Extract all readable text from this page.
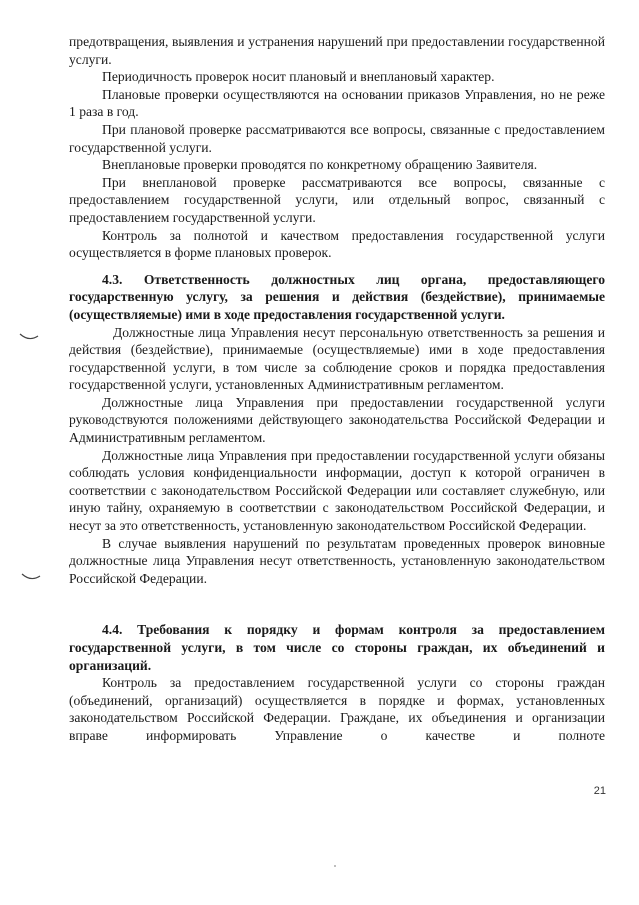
предотвращения, выявления и устранения нарушений при предоставлении государственной услуги.

Периодичность проверок носит плановый и внеплановый характер.

Плановые проверки осуществляются на основании приказов Управления, но не реже 1 раза в год.

При плановой проверке рассматриваются все вопросы, связанные с предоставлением государственной услуги.

Внеплановые проверки проводятся по конкретному обращению Заявителя.

При внеплановой проверке рассматриваются все вопросы, связанные с предоставлением государственной услуги, или отдельный вопрос, связанный с предоставлением государственной услуги.

Контроль за полнотой и качеством предоставления государственной услуги осуществляется в форме плановых проверок.

4.3. Ответственность должностных лиц органа, предоставляющего государственную услугу, за решения и действия (бездействие), принимаемые (осуществляемые) ими в ходе предоставления государственной услуги.

Должностные лица Управления несут персональную ответственность за решения и действия (бездействие), принимаемые (осуществляемые) ими в ходе предоставления государственной услуги, в том числе за соблюдение сроков и порядка предоставления государственной услуги, установленных Административным регламентом.

Должностные лица Управления при предоставлении государственной услуги руководствуются положениями действующего законодательства Российской Федерации и Административным регламентом.

Должностные лица Управления при предоставлении государственной услуги обязаны соблюдать условия конфиденциальности информации, доступ к которой ограничен в соответствии с законодательством Российской Федерации или составляет служебную, или иную тайну, охраняемую в соответствии с законодательством Российской Федерации, и несут за это ответственность, установленную законодательством Российской Федерации.

В случае выявления нарушений по результатам проведенных проверок виновные должностные лица Управления несут ответственность, установленную законодательством Российской Федерации.

4.4. Требования к порядку и формам контроля за предоставлением государственной услуги, в том числе со стороны граждан, их объединений и организаций.

Контроль за предоставлением государственной услуги со стороны граждан (объединений, организаций) осуществляется в порядке и формах, установленных законодательством Российской Федерации. Граждане, их объединения и организации вправе информировать Управление о качестве и полноте

21
